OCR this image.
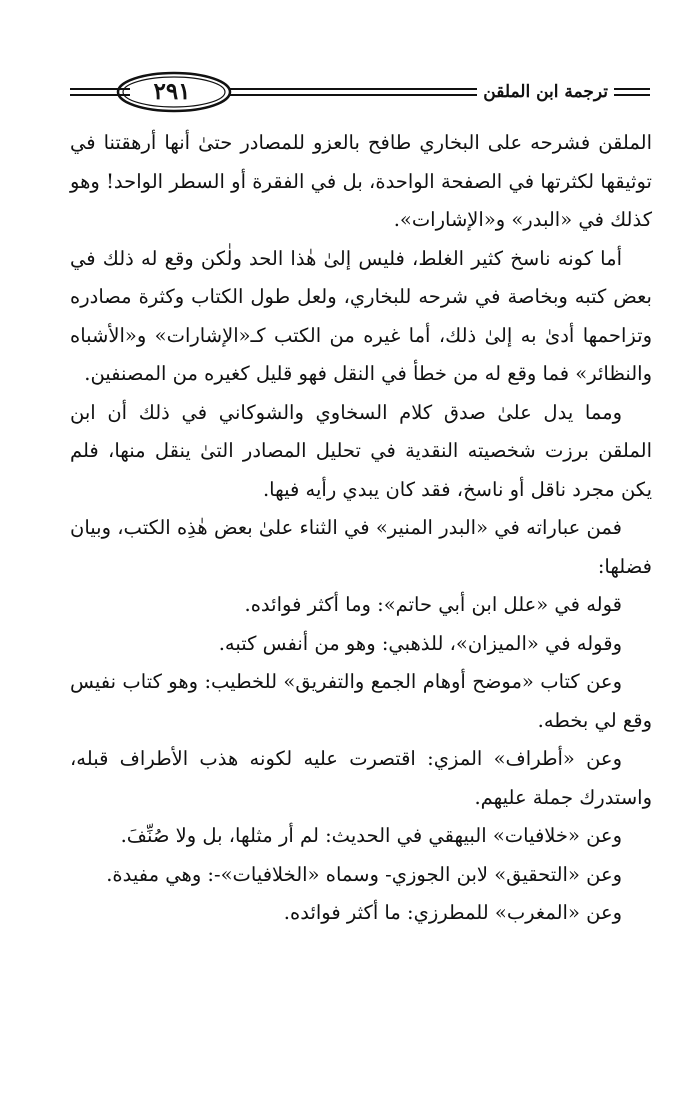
٢٩١	ترجمة ابن الملقن

الملقن فشرحه على البخاري طافح بالعزو للمصادر حتىٰ أنها أرهقتنا في توثيقها لكثرتها في الصفحة الواحدة، بل في الفقرة أو السطر الواحد! وهو كذلك في «البدر» و«الإشارات».

أما كونه ناسخ كثير الغلط، فليس إلىٰ هٰذا الحد ولٰكن وقع له ذلك في بعض كتبه وبخاصة في شرحه للبخاري، ولعل طول الكتاب وكثرة مصادره وتزاحمها أدىٰ به إلىٰ ذلك، أما غيره من الكتب كـ«الإشارات» و«الأشباه والنظائر» فما وقع له من خطأ في النقل فهو قليل كغيره من المصنفين.

ومما يدل علىٰ صدق كلام السخاوي والشوكاني في ذلك أن ابن الملقن برزت شخصيته النقدية في تحليل المصادر التىٰ ينقل منها، فلم يكن مجرد ناقل أو ناسخ، فقد كان يبدي رأيه فيها.

فمن عباراته في «البدر المنير» في الثناء علىٰ بعض هٰذِه الكتب، وبيان فضلها:

قوله في «علل ابن أبي حاتم»: وما أكثر فوائده.

وقوله في «الميزان»، للذهبي: وهو من أنفس كتبه.

وعن كتاب «موضح أوهام الجمع والتفريق» للخطيب: وهو كتاب نفيس وقع لي بخطه.

وعن «أطراف» المزي: اقتصرت عليه لكونه هذب الأطراف قبله، واستدرك جملة عليهم.

وعن «خلافيات» البيهقي في الحديث: لم أر مثلها، بل ولا صُنِّفَ.

وعن «التحقيق» لابن الجوزي- وسماه «الخلافيات»-: وهي مفيدة.

وعن «المغرب» للمطرزي: ما أكثر فوائده.
